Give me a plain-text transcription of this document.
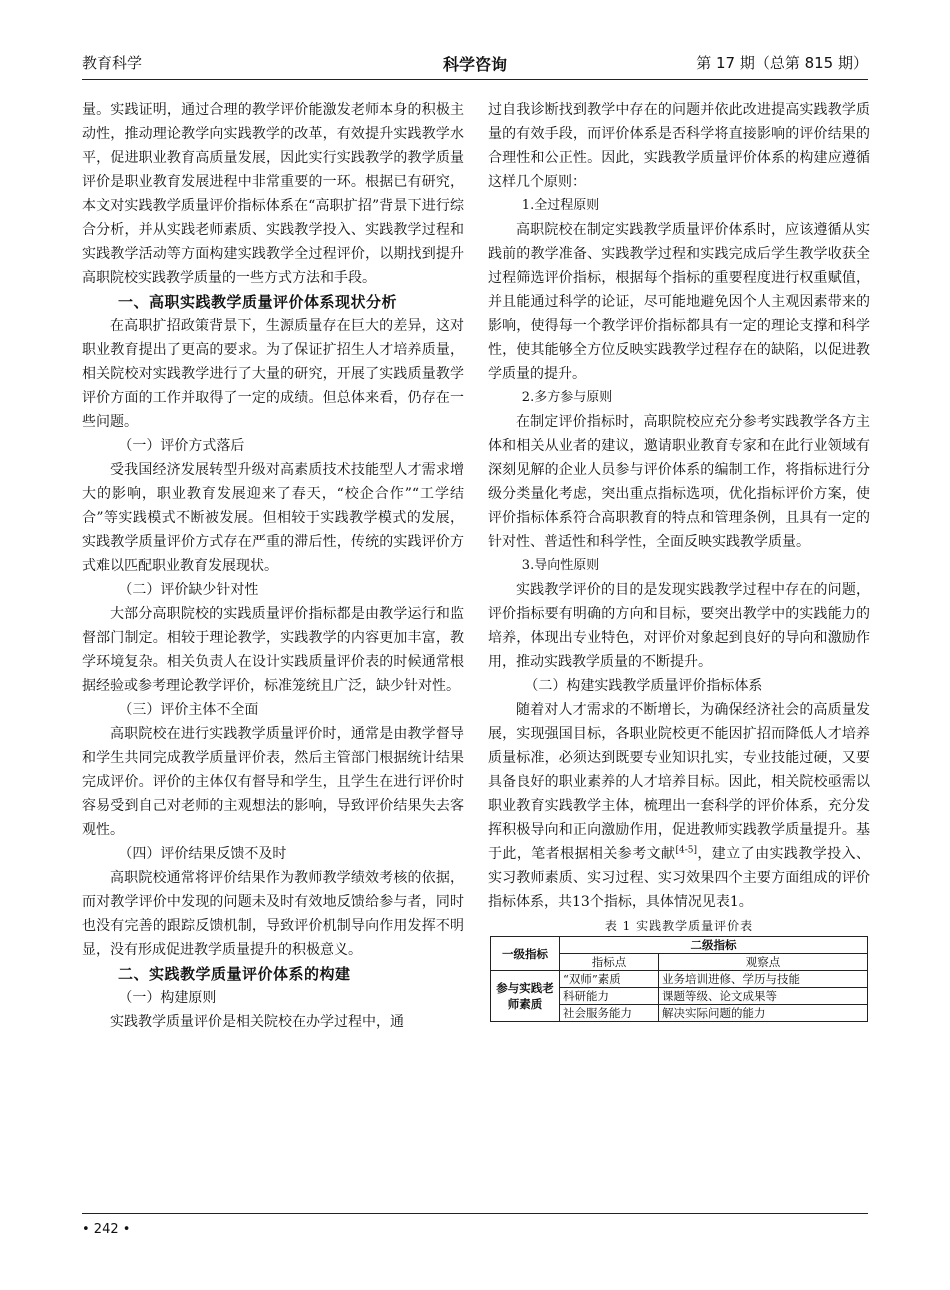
教育科学	科学咨询	第 17 期（总第 815 期）

量。实践证明，通过合理的教学评价能激发老师本身的积极主动性，推动理论教学向实践教学的改革，有效提升实践教学水平，促进职业教育高质量发展，因此实行实践教学的教学质量评价是职业教育发展进程中非常重要的一环。根据已有研究，本文对实践教学质量评价指标体系在“高职扩招”背景下进行综合分析，并从实践老师素质、实践教学投入、实践教学过程和实践教学活动等方面构建实践教学全过程评价，以期找到提升高职院校实践教学质量的一些方式方法和手段。

一、高职实践教学质量评价体系现状分析

在高职扩招政策背景下，生源质量存在巨大的差异，这对职业教育提出了更高的要求。为了保证扩招生人才培养质量，相关院校对实践教学进行了大量的研究，开展了实践质量教学评价方面的工作并取得了一定的成绩。但总体来看，仍存在一些问题。

（一）评价方式落后

受我国经济发展转型升级对高素质技术技能型人才需求增大的影响，职业教育发展迎来了春天，“校企合作”“工学结合”等实践模式不断被发展。但相较于实践教学模式的发展，实践教学质量评价方式存在严重的滞后性，传统的实践评价方式难以匹配职业教育发展现状。

（二）评价缺少针对性

大部分高职院校的实践质量评价指标都是由教学运行和监督部门制定。相较于理论教学，实践教学的内容更加丰富，教学环境复杂。相关负责人在设计实践质量评价表的时候通常根据经验或参考理论教学评价，标准笼统且广泛，缺少针对性。

（三）评价主体不全面

高职院校在进行实践教学质量评价时，通常是由教学督导和学生共同完成教学质量评价表，然后主管部门根据统计结果完成评价。评价的主体仅有督导和学生，且学生在进行评价时容易受到自己对老师的主观想法的影响，导致评价结果失去客观性。

（四）评价结果反馈不及时

高职院校通常将评价结果作为教师教学绩效考核的依据，而对教学评价中发现的问题未及时有效地反馈给参与者，同时也没有完善的跟踪反馈机制，导致评价机制导向作用发挥不明显，没有形成促进教学质量提升的积极意义。

二、实践教学质量评价体系的构建

（一）构建原则

实践教学质量评价是相关院校在办学过程中，通

过自我诊断找到教学中存在的问题并依此改进提高实践教学质量的有效手段，而评价体系是否科学将直接影响的评价结果的合理性和公正性。因此，实践教学质量评价体系的构建应遵循这样几个原则：

1.全过程原则

高职院校在制定实践教学质量评价体系时，应该遵循从实践前的教学准备、实践教学过程和实践完成后学生教学收获全过程筛选评价指标，根据每个指标的重要程度进行权重赋值，并且能通过科学的论证，尽可能地避免因个人主观因素带来的影响，使得每一个教学评价指标都具有一定的理论支撑和科学性，使其能够全方位反映实践教学过程存在的缺陷，以促进教学质量的提升。

2.多方参与原则

在制定评价指标时，高职院校应充分参考实践教学各方主体和相关从业者的建议，邀请职业教育专家和在此行业领域有深刻见解的企业人员参与评价体系的编制工作，将指标进行分级分类量化考虑，突出重点指标选项，优化指标评价方案，使评价指标体系符合高职教育的特点和管理条例，且具有一定的针对性、普适性和科学性，全面反映实践教学质量。

3.导向性原则

实践教学评价的目的是发现实践教学过程中存在的问题，评价指标要有明确的方向和目标，要突出教学中的实践能力的培养，体现出专业特色，对评价对象起到良好的导向和激励作用，推动实践教学质量的不断提升。

（二）构建实践教学质量评价指标体系

随着对人才需求的不断增长，为确保经济社会的高质量发展，实现强国目标，各职业院校更不能因扩招而降低人才培养质量标准，必须达到既要专业知识扎实，专业技能过硬，又要具备良好的职业素养的人才培养目标。因此，相关院校亟需以职业教育实践教学主体，梳理出一套科学的评价体系，充分发挥积极导向和正向激励作用，促进教师实践教学质量提升。基于此，笔者根据相关参考文献[4-5]，建立了由实践教学投入、实习教师素质、实习过程、实习效果四个主要方面组成的评价指标体系，共13个指标，具体情况见表1。

表 1 实践教学质量评价表

一级指标	二级指标	
	指标点	观察点
参与实践老师素质	“双师”素质	业务培训进修、学历与技能
	科研能力	课题等级、论文成果等
	社会服务能力	解决实际问题的能力
• 242 •
